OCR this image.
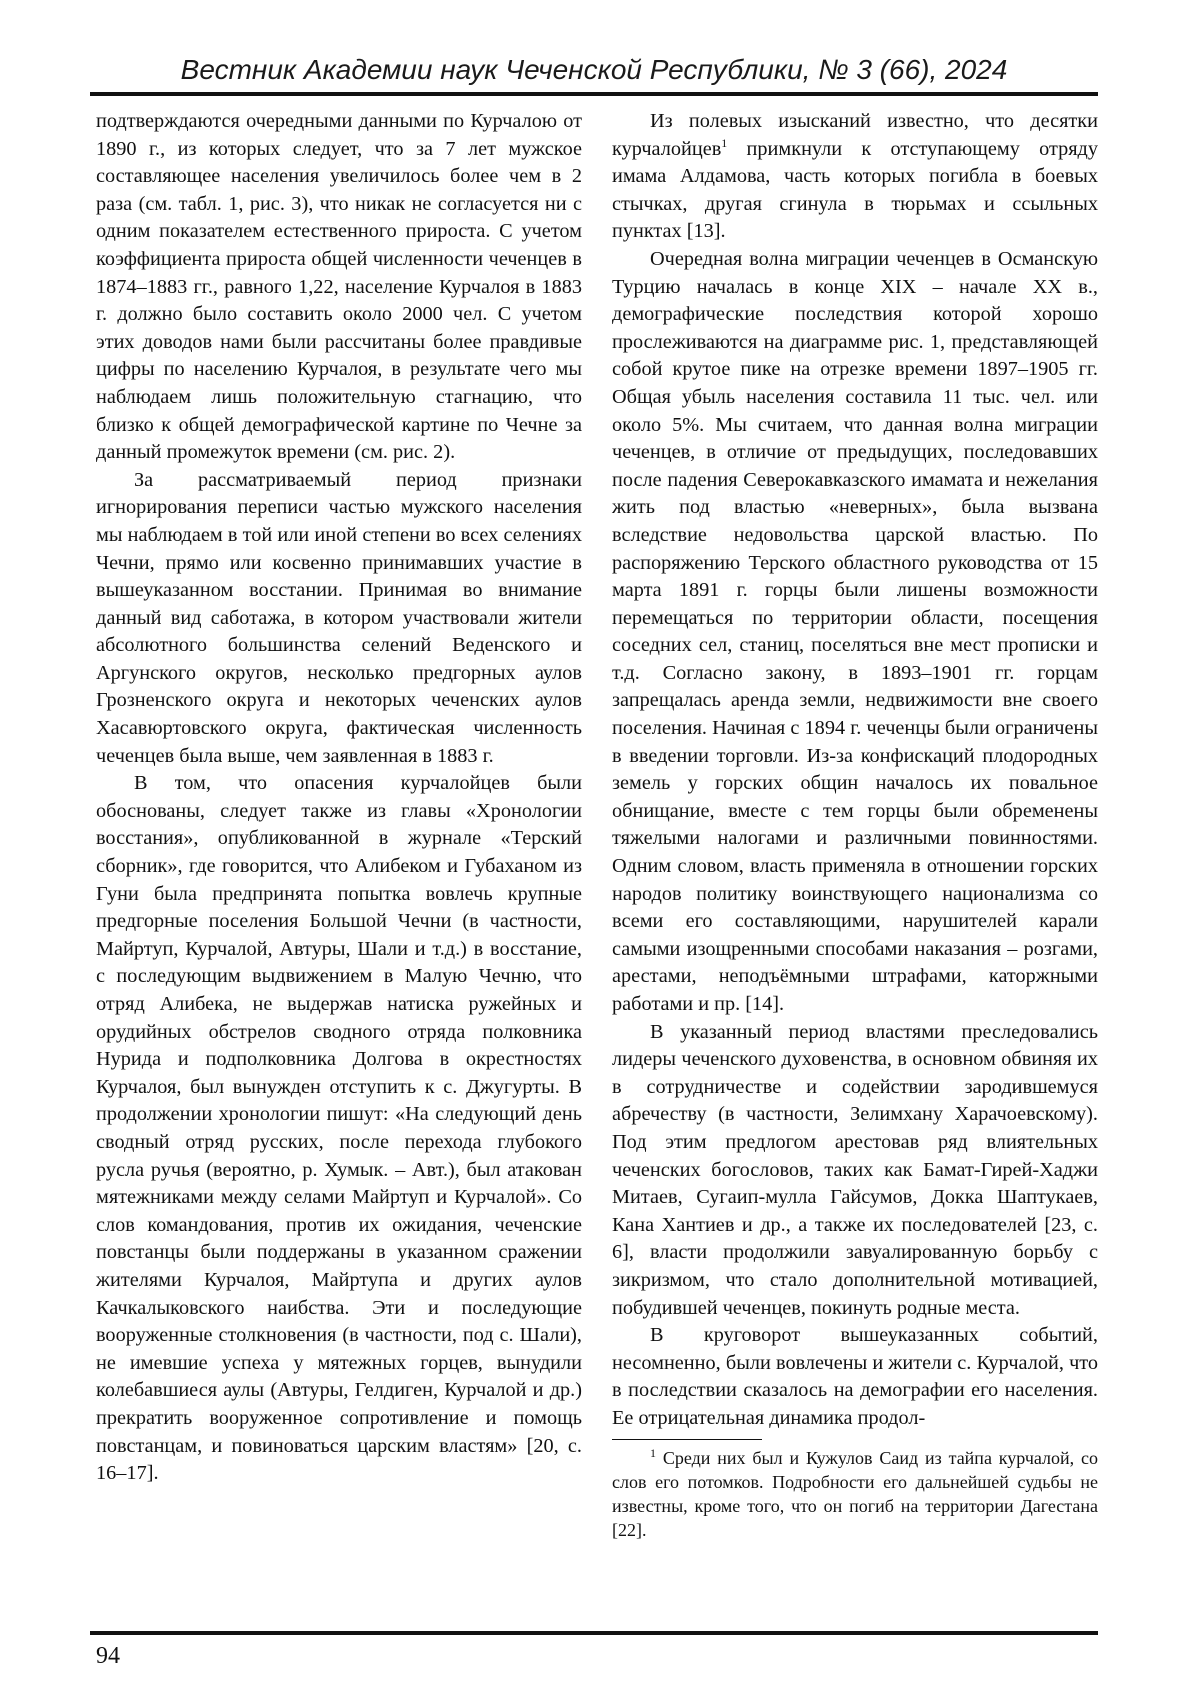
Вестник Академии наук Чеченской Республики, № 3 (66), 2024

подтверждаются очередными данными по Курчалою от 1890 г., из которых следует, что за 7 лет мужское составляющее населения увеличилось более чем в 2 раза (см. табл. 1, рис. 3), что никак не согласуется ни с одним показателем естественного прироста. С учетом коэффициента прироста общей численности чеченцев в 1874–1883 гг., равного 1,22, население Курчалоя в 1883 г. должно было составить около 2000 чел. С учетом этих доводов нами были рассчитаны более правдивые цифры по населению Курчалоя, в результате чего мы наблюдаем лишь положительную стагнацию, что близко к общей демографической картине по Чечне за данный промежуток времени (см. рис. 2).

За рассматриваемый период признаки игнорирования переписи частью мужского населения мы наблюдаем в той или иной степени во всех селениях Чечни, прямо или косвенно принимавших участие в вышеуказанном восстании. Принимая во внимание данный вид саботажа, в котором участвовали жители абсолютного большинства селений Веденского и Аргунского округов, несколько предгорных аулов Грозненского округа и некоторых чеченских аулов Хасавюртовского округа, фактическая численность чеченцев была выше, чем заявленная в 1883 г.

В том, что опасения курчалойцев были обоснованы, следует также из главы «Хронологии восстания», опубликованной в журнале «Терский сборник», где говорится, что Алибеком и Губаханом из Гуни была предпринята попытка вовлечь крупные предгорные поселения Большой Чечни (в частности, Майртуп, Курчалой, Автуры, Шали и т.д.) в восстание, с последующим выдвижением в Малую Чечню, что отряд Алибека, не выдержав натиска ружейных и орудийных обстрелов сводного отряда полковника Нурида и подполковника Долгова в окрестностях Курчалоя, был вынужден отступить к с. Джугурты. В продолжении хронологии пишут: «На следующий день сводный отряд русских, после перехода глубокого русла ручья (вероятно, р. Хумык. – Авт.), был атакован мятежниками между селами Майртуп и Курчалой». Со слов командования, против их ожидания, чеченские повстанцы были поддержаны в указанном сражении жителями Курчалоя, Майртупа и других аулов Качкалыковского наибства. Эти и последующие вооруженные столкновения (в частности, под с. Шали), не имевшие успеха у мятежных горцев, вынудили колебавшиеся аулы (Автуры, Гелдиген, Курчалой и др.) прекратить вооруженное сопротивление и помощь повстанцам, и повиноваться царским властям» [20, с. 16–17].

Из полевых изысканий известно, что десятки курчалойцев$^1$ примкнули к отступающему отряду имама Алдамова, часть которых погибла в боевых стычках, другая сгинула в тюрьмах и ссыльных пунктах [13].

Очередная волна миграции чеченцев в Османскую Турцию началась в конце XIX – начале XX в., демографические последствия которой хорошо прослеживаются на диаграмме рис. 1, представляющей собой крутое пике на отрезке времени 1897–1905 гг. Общая убыль населения составила 11 тыс. чел. или около 5%. Мы считаем, что данная волна миграции чеченцев, в отличие от предыдущих, последовавших после падения Северокавказского имамата и нежелания жить под властью «неверных», была вызвана вследствие недовольства царской властью. По распоряжению Терского областного руководства от 15 марта 1891 г. горцы были лишены возможности перемещаться по территории области, посещения соседних сел, станиц, поселяться вне мест прописки и т.д. Согласно закону, в 1893–1901 гг. горцам запрещалась аренда земли, недвижимости вне своего поселения. Начиная с 1894 г. чеченцы были ограничены в введении торговли. Из-за конфискаций плодородных земель у горских общин началось их повальное обнищание, вместе с тем горцы были обременены тяжелыми налогами и различными повинностями. Одним словом, власть применяла в отношении горских народов политику воинствующего национализма со всеми его составляющими, нарушителей карали самыми изощренными способами наказания – розгами, арестами, неподъёмными штрафами, каторжными работами и пр. [14].

В указанный период властями преследовались лидеры чеченского духовенства, в основном обвиняя их в сотрудничестве и содействии зародившемуся абречеству (в частности, Зелимхану Харачоевскому). Под этим предлогом арестовав ряд влиятельных чеченских богословов, таких как Бамат-Гирей-Хаджи Митаев, Сугаип-мулла Гайсумов, Докка Шаптукаев, Кана Хантиев и др., а также их последователей [23, с. 6], власти продолжили завуалированную борьбу с зикризмом, что стало дополнительной мотивацией, побудившей чеченцев, покинуть родные места.

В круговорот вышеуказанных событий, несомненно, были вовлечены и жители с. Курчалой, что в последствии сказалось на демографии его населения. Ее отрицательная динамика продол-

$^1$ Среди них был и Кужулов Саид из тайпа курчалой, со слов его потомков. Подробности его дальнейшей судьбы не известны, кроме того, что он погиб на территории Дагестана [22].

94
